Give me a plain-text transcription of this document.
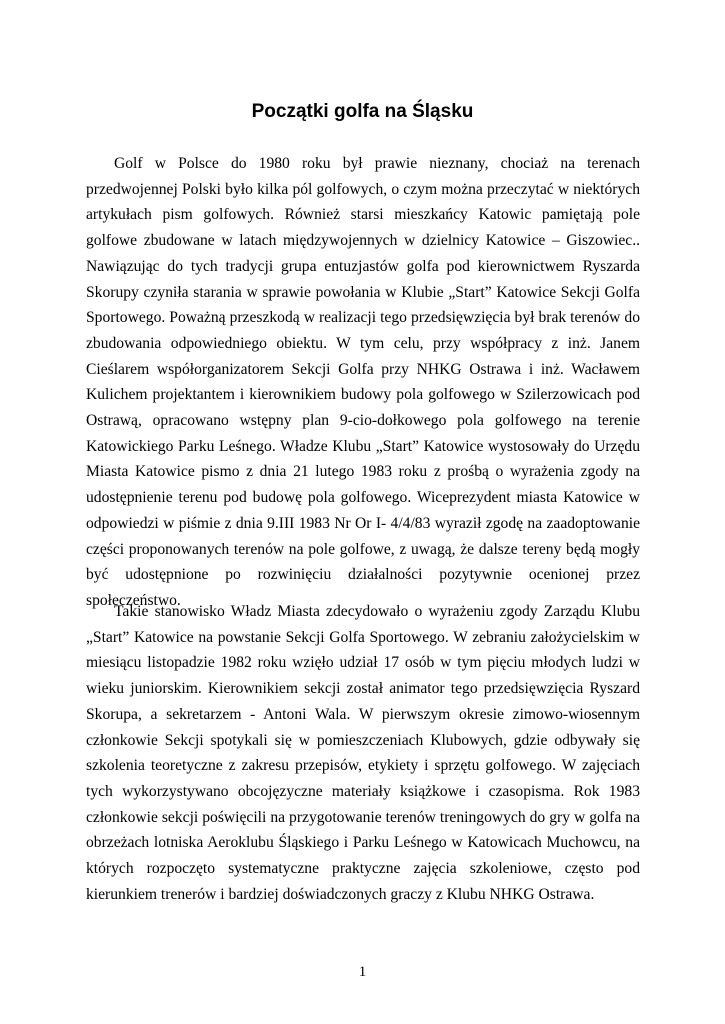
Początki golfa na Śląsku

Golf w Polsce do 1980 roku był prawie nieznany, chociaż na terenach przedwojennej Polski było kilka pól golfowych, o czym można przeczytać w niektórych artykułach pism golfowych. Również starsi mieszkańcy Katowic pamiętają pole golfowe zbudowane w latach międzywojennych w dzielnicy Katowice – Giszowiec.. Nawiązując do tych tradycji grupa entuzjastów golfa pod kierownictwem Ryszarda Skorupy czyniła starania w sprawie powołania w Klubie „Start” Katowice Sekcji Golfa Sportowego. Poważną przeszkodą w realizacji tego przedsięwzięcia był brak terenów do zbudowania odpowiedniego obiektu. W tym celu, przy współpracy z inż. Janem Cieślarem współorganizatorem Sekcji Golfa przy NHKG Ostrawa i inż. Wacławem Kulichem projektantem i kierownikiem budowy pola golfowego w Szilerzowicach pod Ostrawą, opracowano wstępny plan 9-cio-dołkowego pola golfowego na terenie Katowickiego Parku Leśnego. Władze Klubu „Start” Katowice wystosowały do Urzędu Miasta Katowice pismo z dnia 21 lutego 1983 roku z prośbą o wyrażenia zgody na udostępnienie terenu pod budowę pola golfowego. Wiceprezydent miasta Katowice w odpowiedzi w piśmie z dnia 9.III 1983 Nr Or I- 4/4/83 wyraził zgodę na zaadoptowanie części proponowanych terenów na pole golfowe, z uwagą, że dalsze tereny będą mogły być udostępnione po rozwinięciu działalności pozytywnie ocenionej przez społeczeństwo.

Takie stanowisko Władz Miasta zdecydowało o wyrażeniu zgody Zarządu Klubu „Start” Katowice na powstanie Sekcji Golfa Sportowego. W zebraniu założycielskim w miesiącu listopadzie 1982 roku wzięło udział 17 osób w tym pięciu młodych ludzi w wieku juniorskim. Kierownikiem sekcji został animator tego przedsięwzięcia Ryszard Skorupa, a sekretarzem - Antoni Wala. W pierwszym okresie zimowo-wiosennym członkowie Sekcji spotykali się w pomieszczeniach Klubowych, gdzie odbywały się szkolenia teoretyczne z zakresu przepisów, etykiety i sprzętu golfowego. W zajęciach tych wykorzystywano obcojęzyczne materiały książkowe i czasopisma. Rok 1983 członkowie sekcji poświęcili na przygotowanie terenów treningowych do gry w golfa na obrzeżach lotniska Aeroklubu Śląskiego i Parku Leśnego w Katowicach Muchowcu, na których rozpoczęto systematyczne praktyczne zajęcia szkoleniowe, często pod kierunkiem trenerów i bardziej doświadczonych graczy z Klubu NHKG Ostrawa.

1
